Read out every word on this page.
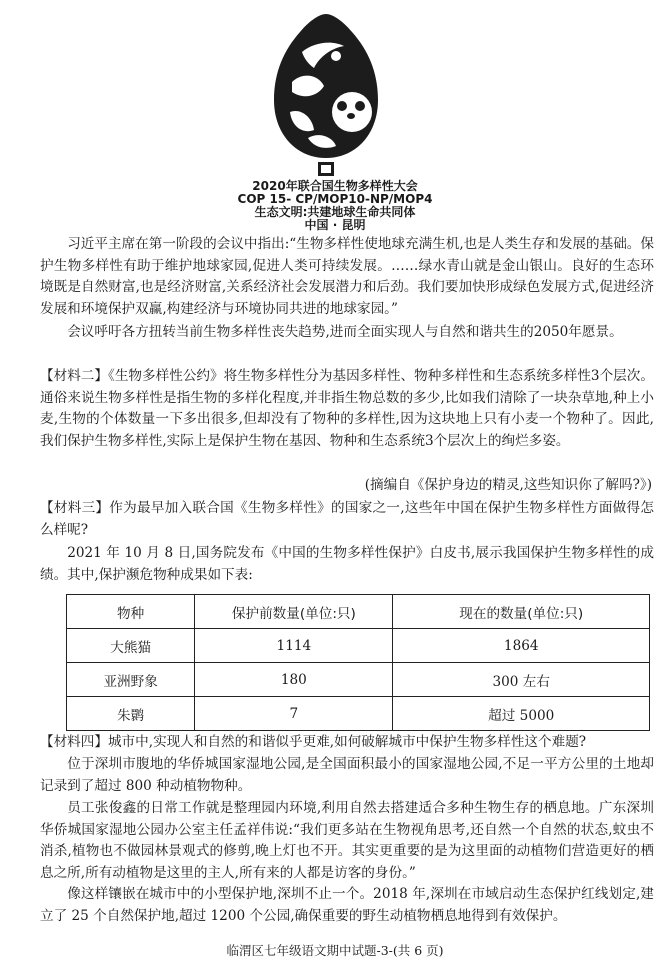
2020年联合国生物多样性大会
COP 15- CP/MOP10-NP/MOP4
生态文明:共建地球生命共同体
中国 · 昆明

习近平主席在第一阶段的会议中指出:“生物多样性使地球充满生机,也是人类生存和发展的基础。保护生物多样性有助于维护地球家园,促进人类可持续发展。……绿水青山就是金山银山。良好的生态环境既是自然财富,也是经济财富,关系经济社会发展潜力和后劲。我们要加快形成绿色发展方式,促进经济发展和环境保护双赢,构建经济与环境协同共进的地球家园。”

会议呼吁各方扭转当前生物多样性丧失趋势,进而全面实现人与自然和谐共生的2050年愿景。

【材料二】《生物多样性公约》将生物多样性分为基因多样性、物种多样性和生态系统多样性3个层次。通俗来说生物多样性是指生物的多样化程度,并非指生物总数的多少,比如我们清除了一块杂草地,种上小麦,生物的个体数量一下多出很多,但却没有了物种的多样性,因为这块地上只有小麦一个物种了。因此,我们保护生物多样性,实际上是保护生物在基因、物种和生态系统3个层次上的绚烂多姿。

(摘编自《保护身边的精灵,这些知识你了解吗?》)

【材料三】作为最早加入联合国《生物多样性》的国家之一,这些年中国在保护生物多样性方面做得怎么样呢?

2021 年 10 月 8 日,国务院发布《中国的生物多样性保护》白皮书,展示我国保护生物多样性的成绩。其中,保护濒危物种成果如下表:

物种	保护前数量(单位:只)	现在的数量(单位:只)
大熊猫	1114	1864
亚洲野象	180	300 左右
朱鹮	7	超过 5000

【材料四】城市中,实现人和自然的和谐似乎更难,如何破解城市中保护生物多样性这个难题?

位于深圳市腹地的华侨城国家湿地公园,是全国面积最小的国家湿地公园,不足一平方公里的土地却记录到了超过 800 种动植物物种。

员工张俊鑫的日常工作就是整理园内环境,利用自然去搭建适合多种生物生存的栖息地。广东深圳华侨城国家湿地公园办公室主任孟祥伟说:“我们更多站在生物视角思考,还自然一个自然的状态,蚊虫不消杀,植物也不做园林景观式的修剪,晚上灯也不开。其实更重要的是为这里面的动植物们营造更好的栖息之所,所有动植物是这里的主人,所有来的人都是访客的身份。”

像这样镶嵌在城市中的小型保护地,深圳不止一个。2018 年,深圳在市域启动生态保护红线划定,建立了 25 个自然保护地,超过 1200 个公园,确保重要的野生动植物栖息地得到有效保护。

临渭区七年级语文期中试题-3-(共 6 页)
